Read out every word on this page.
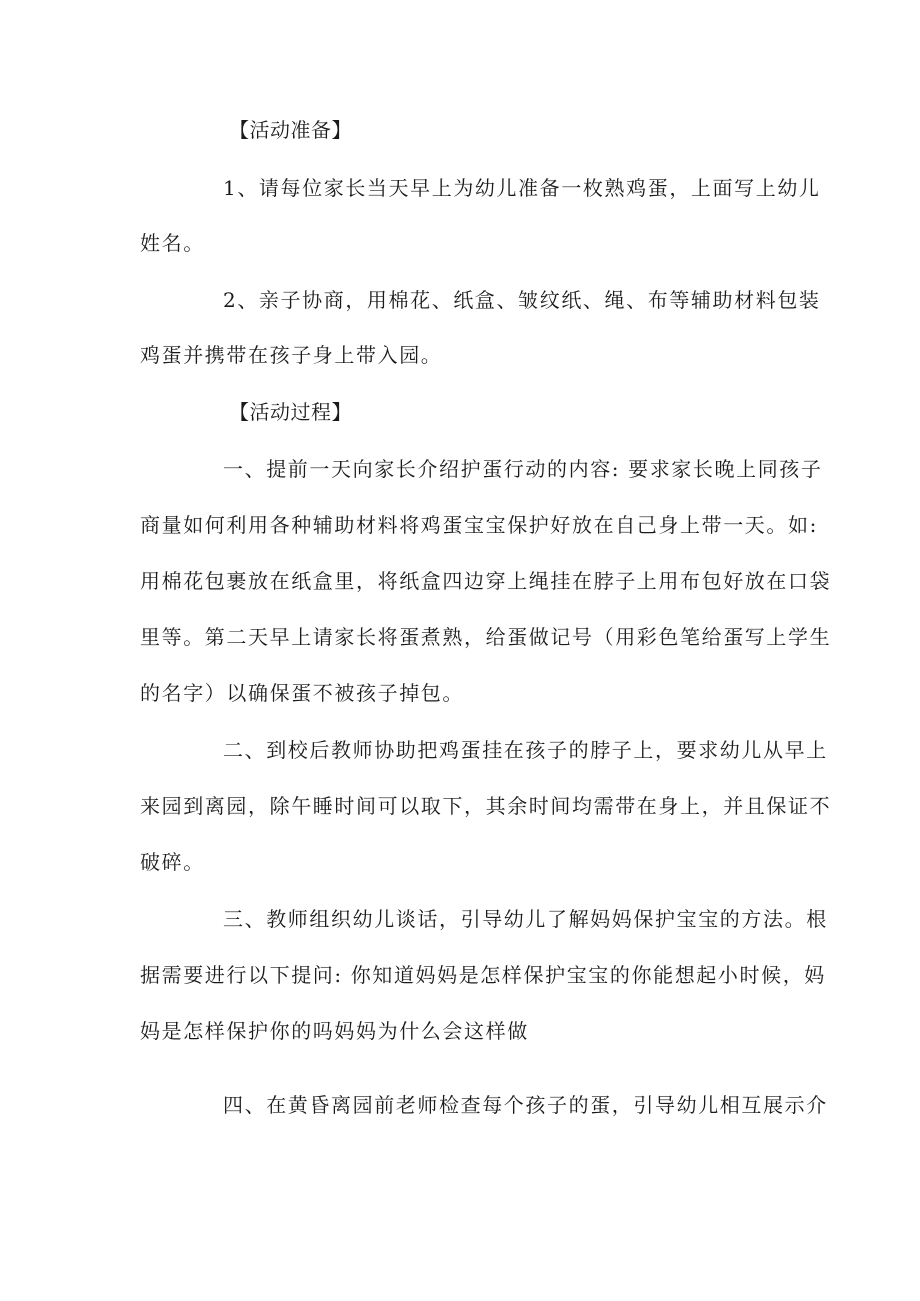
【活动准备】

1、请每位家长当天早上为幼儿准备一枚熟鸡蛋，上面写上幼儿

姓名。

2、亲子协商，用棉花、纸盒、皱纹纸、绳、布等辅助材料包装

鸡蛋并携带在孩子身上带入园。

【活动过程】

一、提前一天向家长介绍护蛋行动的内容: 要求家长晚上同孩子

商量如何利用各种辅助材料将鸡蛋宝宝保护好放在自己身上带一天。如:

用棉花包裹放在纸盒里，将纸盒四边穿上绳挂在脖子上用布包好放在口袋

里等。第二天早上请家长将蛋煮熟，给蛋做记号（用彩色笔给蛋写上学生

的名字）以确保蛋不被孩子掉包。

二、到校后教师协助把鸡蛋挂在孩子的脖子上，要求幼儿从早上

来园到离园，除午睡时间可以取下，其余时间均需带在身上，并且保证不

破碎。

三、教师组织幼儿谈话，引导幼儿了解妈妈保护宝宝的方法。根

据需要进行以下提问: 你知道妈妈是怎样保护宝宝的你能想起小时候，妈

妈是怎样保护你的吗妈妈为什么会这样做

四、在黄昏离园前老师检查每个孩子的蛋，引导幼儿相互展示介
